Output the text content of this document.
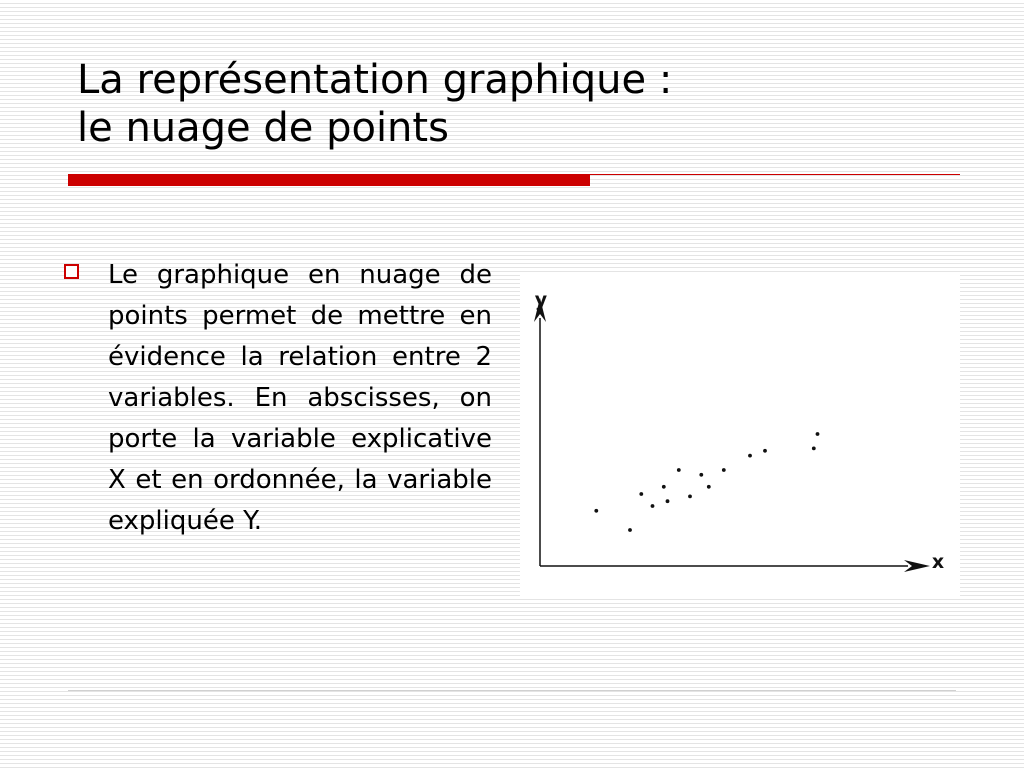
La représentation graphique :
le nuage de points
Le graphique en nuage de points permet de mettre en évidence la relation entre 2 variables. En abscisses, on porte la variable explicative X et en ordonnée, la variable expliquée Y.
x
y
